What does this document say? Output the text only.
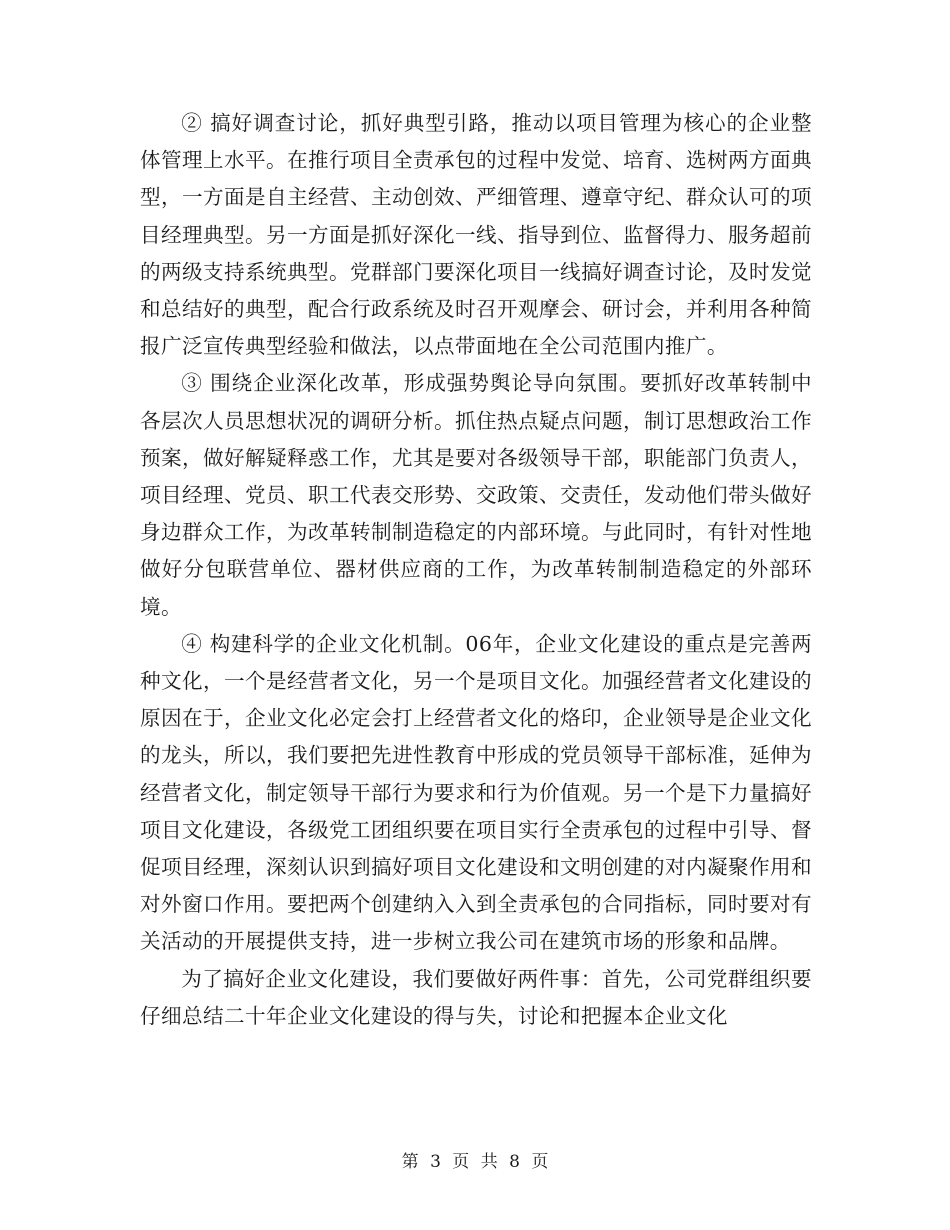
② 搞好调查讨论，抓好典型引路，推动以项目管理为核心的企业整体管理上水平。在推行项目全责承包的过程中发觉、培育、选树两方面典型，一方面是自主经营、主动创效、严细管理、遵章守纪、群众认可的项目经理典型。另一方面是抓好深化一线、指导到位、监督得力、服务超前的两级支持系统典型。党群部门要深化项目一线搞好调查讨论，及时发觉和总结好的典型，配合行政系统及时召开观摩会、研讨会，并利用各种简报广泛宣传典型经验和做法，以点带面地在全公司范围内推广。

③ 围绕企业深化改革，形成强势舆论导向氛围。要抓好改革转制中各层次人员思想状况的调研分析。抓住热点疑点问题，制订思想政治工作预案，做好解疑释惑工作，尤其是要对各级领导干部，职能部门负责人，项目经理、党员、职工代表交形势、交政策、交责任，发动他们带头做好身边群众工作，为改革转制制造稳定的内部环境。与此同时，有针对性地做好分包联营单位、器材供应商的工作，为改革转制制造稳定的外部环境。

④ 构建科学的企业文化机制。06年，企业文化建设的重点是完善两种文化，一个是经营者文化，另一个是项目文化。加强经营者文化建设的原因在于，企业文化必定会打上经营者文化的烙印，企业领导是企业文化的龙头，所以，我们要把先进性教育中形成的党员领导干部标准，延伸为经营者文化，制定领导干部行为要求和行为价值观。另一个是下力量搞好项目文化建设，各级党工团组织要在项目实行全责承包的过程中引导、督促项目经理，深刻认识到搞好项目文化建设和文明创建的对内凝聚作用和对外窗口作用。要把两个创建纳入入到全责承包的合同指标，同时要对有关活动的开展提供支持，进一步树立我公司在建筑市场的形象和品牌。

为了搞好企业文化建设，我们要做好两件事：首先，公司党群组织要仔细总结二十年企业文化建设的得与失，讨论和把握本企业文化

第 3 页 共 8 页
